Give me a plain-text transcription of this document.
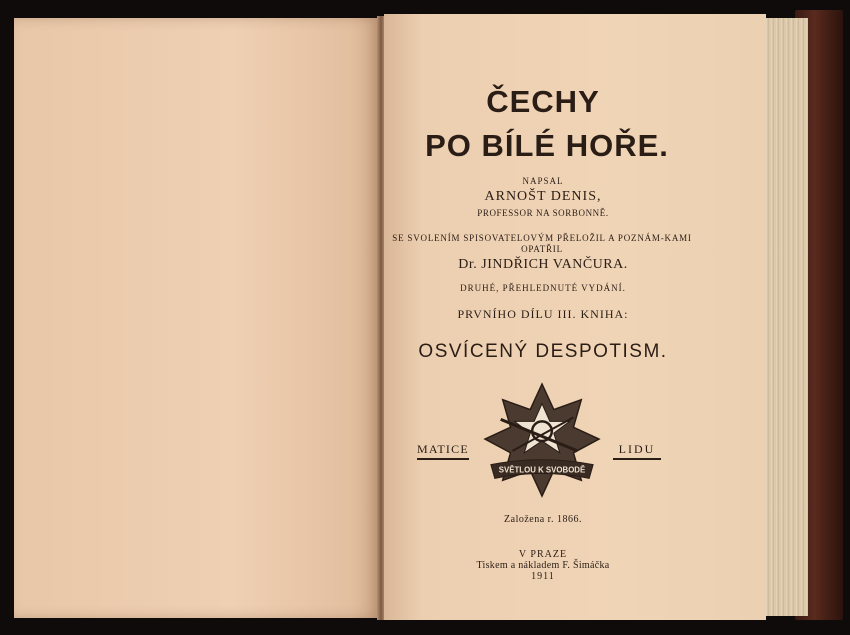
ČECHY
PO BÍLÉ HOŘE.
NAPSAL
ARNOŠT DENIS,
PROFESSOR NA SORBONNĚ.
SE SVOLENÍM SPISOVATELOVÝM PŘELOŽIL A POZNÁM-KAMI OPATŘIL
Dr. JINDŘICH VANČURA.
DRUHÉ, PŘEHLEDNUTÉ VYDÁNÍ.
PRVNÍHO DÍLU III. KNIHA:
OSVÍCENÝ DESPOTISM.
MATICE	LIDU
SVĚTLOU K SVOBODĚ
Založena r. 1866.
V PRAZE
Tiskem a nákladem F. Šimáčka
1911
